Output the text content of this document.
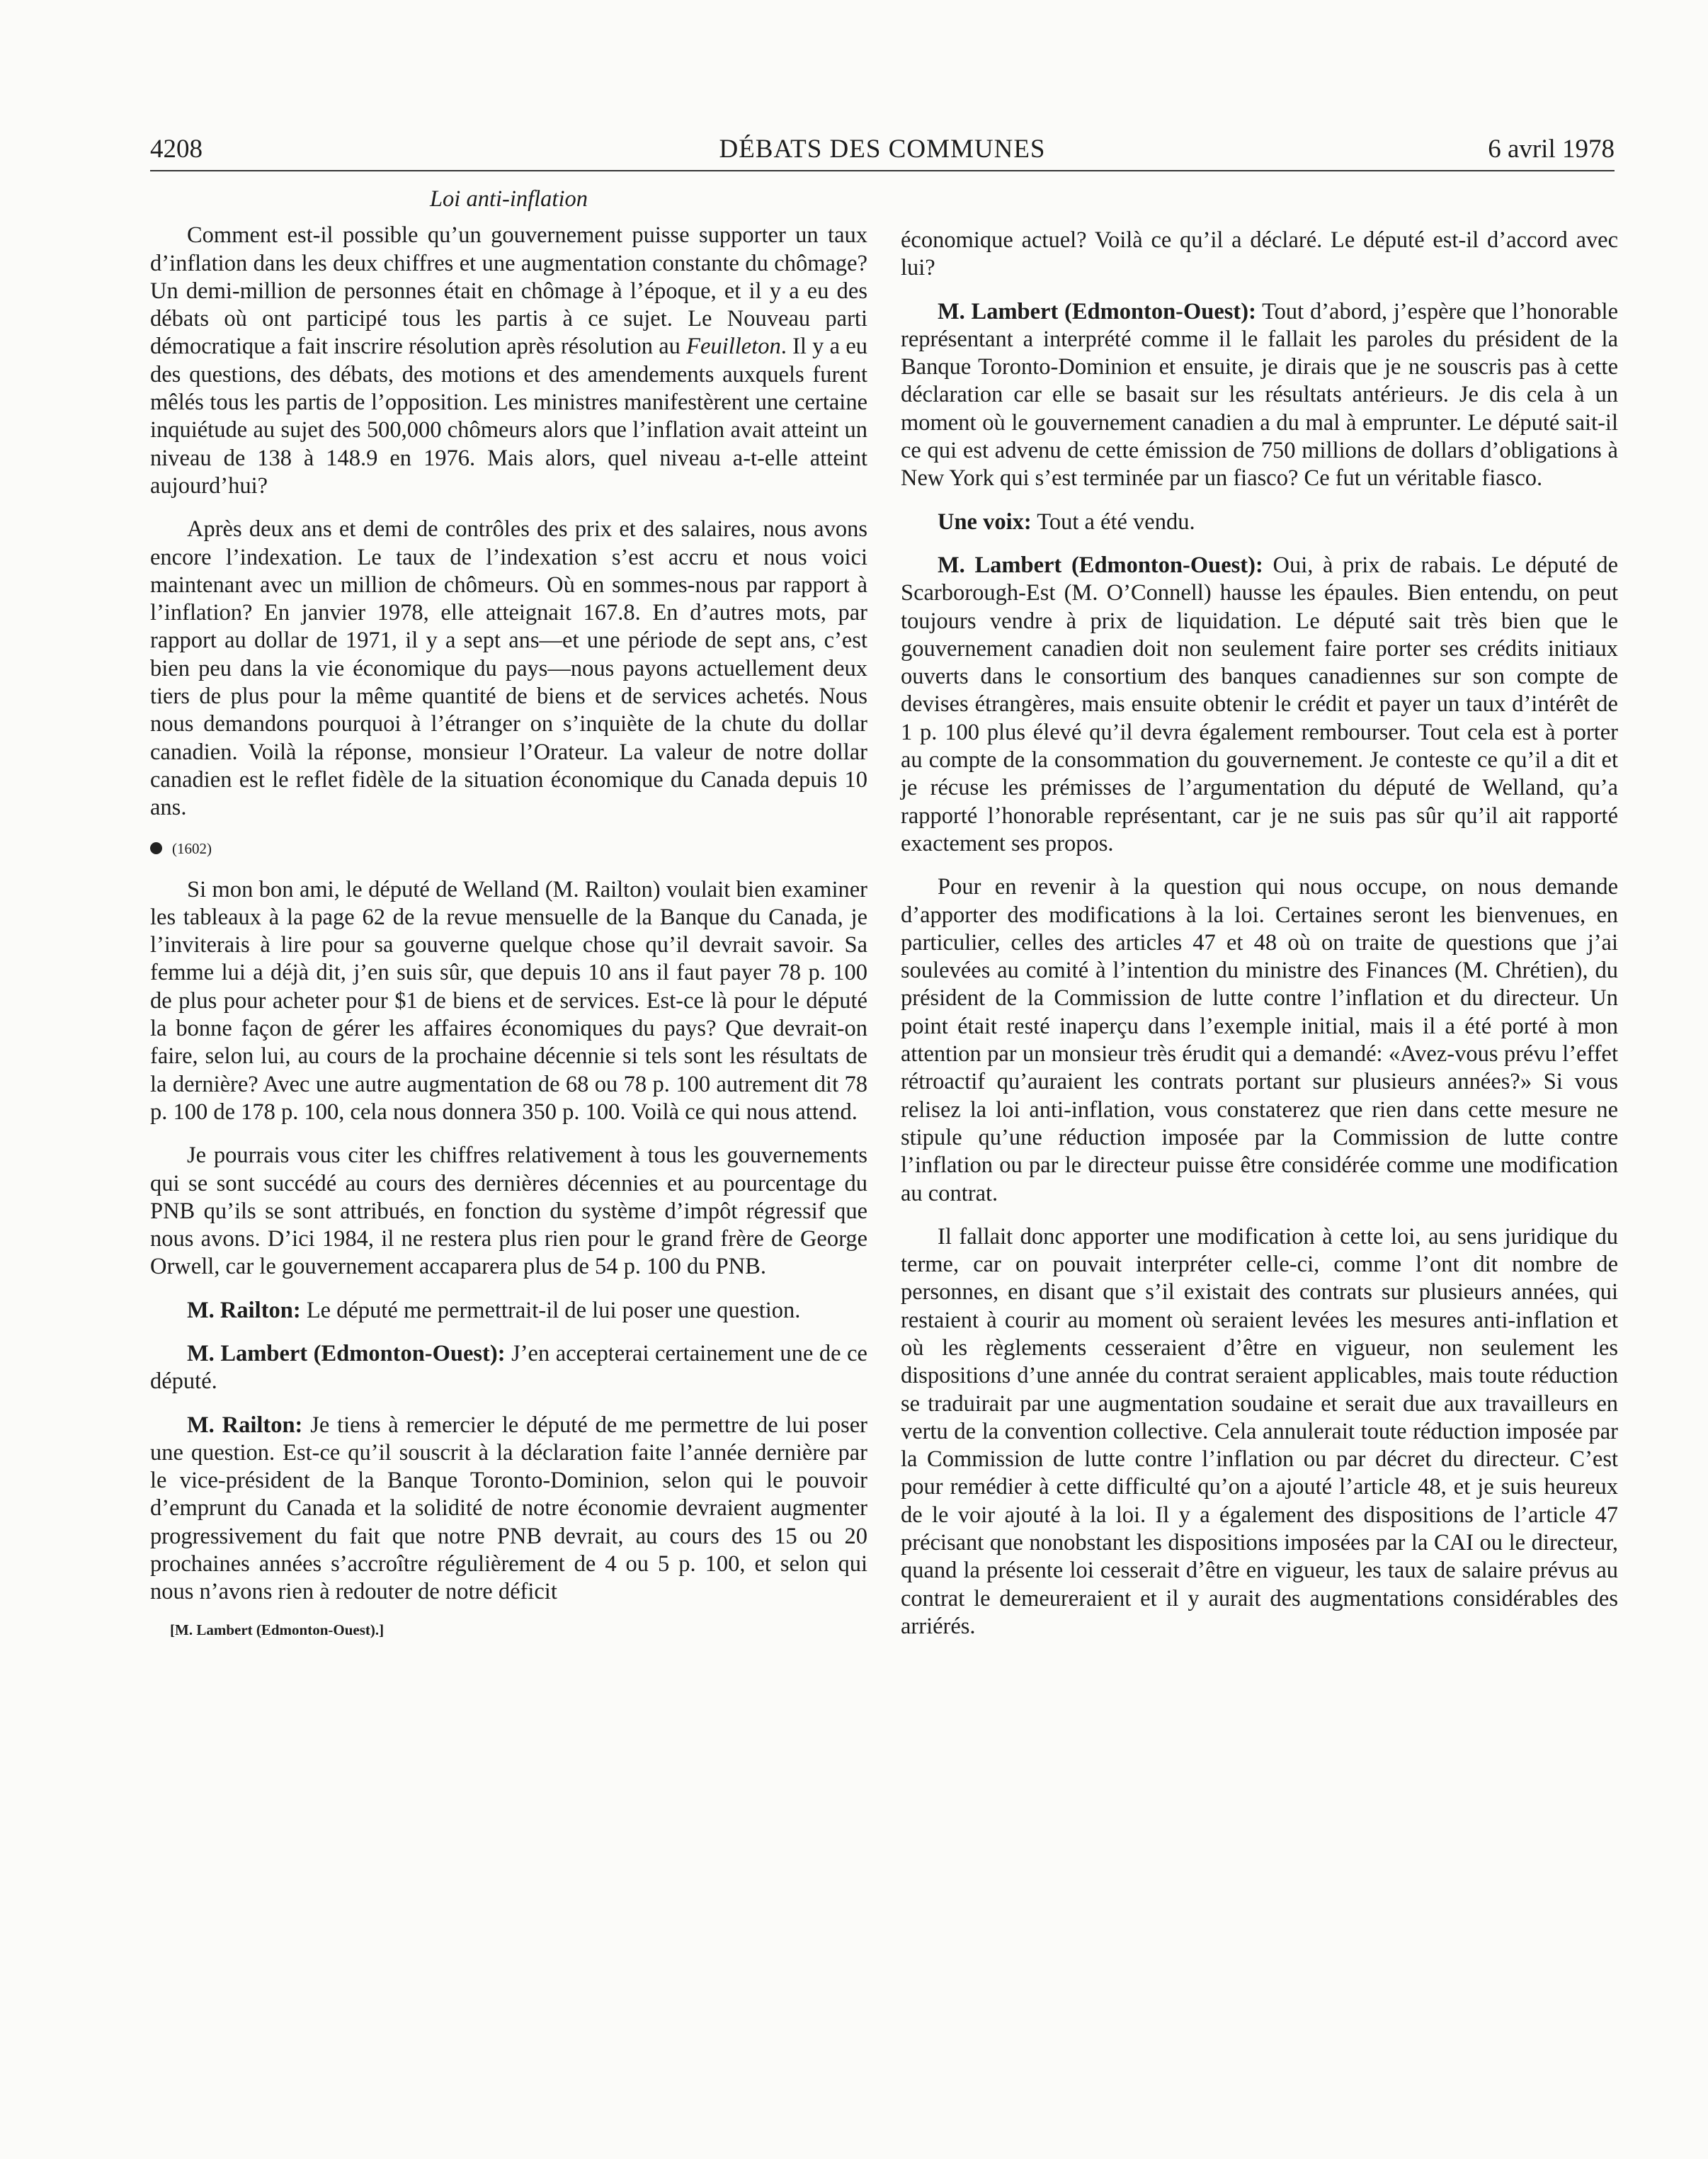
4208	DÉBATS DES COMMUNES	6 avril 1978
Loi anti-inflation

Comment est-il possible qu’un gouvernement puisse supporter un taux d’inflation dans les deux chiffres et une augmentation constante du chômage? Un demi-million de personnes était en chômage à l’époque, et il y a eu des débats où ont participé tous les partis à ce sujet. Le Nouveau parti démocratique a fait inscrire résolution après résolution au Feuilleton. Il y a eu des questions, des débats, des motions et des amendements auxquels furent mêlés tous les partis de l’opposition. Les ministres manifestèrent une certaine inquiétude au sujet des 500,000 chômeurs alors que l’inflation avait atteint un niveau de 138 à 148.9 en 1976. Mais alors, quel niveau a-t-elle atteint aujourd’hui?

Après deux ans et demi de contrôles des prix et des salaires, nous avons encore l’indexation. Le taux de l’indexation s’est accru et nous voici maintenant avec un million de chômeurs. Où en sommes-nous par rapport à l’inflation? En janvier 1978, elle atteignait 167.8. En d’autres mots, par rapport au dollar de 1971, il y a sept ans—et une période de sept ans, c’est bien peu dans la vie économique du pays—nous payons actuellement deux tiers de plus pour la même quantité de biens et de services achetés. Nous nous demandons pourquoi à l’étranger on s’inquiète de la chute du dollar canadien. Voilà la réponse, monsieur l’Orateur. La valeur de notre dollar canadien est le reflet fidèle de la situation économique du Canada depuis 10 ans.

(1602)

Si mon bon ami, le député de Welland (M. Railton) voulait bien examiner les tableaux à la page 62 de la revue mensuelle de la Banque du Canada, je l’inviterais à lire pour sa gouverne quelque chose qu’il devrait savoir. Sa femme lui a déjà dit, j’en suis sûr, que depuis 10 ans il faut payer 78 p. 100 de plus pour acheter pour $1 de biens et de services. Est-ce là pour le député la bonne façon de gérer les affaires économiques du pays? Que devrait-on faire, selon lui, au cours de la prochaine décennie si tels sont les résultats de la dernière? Avec une autre augmentation de 68 ou 78 p. 100 autrement dit 78 p. 100 de 178 p. 100, cela nous donnera 350 p. 100. Voilà ce qui nous attend.

Je pourrais vous citer les chiffres relativement à tous les gouvernements qui se sont succédé au cours des dernières décennies et au pourcentage du PNB qu’ils se sont attribués, en fonction du système d’impôt régressif que nous avons. D’ici 1984, il ne restera plus rien pour le grand frère de George Orwell, car le gouvernement accaparera plus de 54 p. 100 du PNB.

M. Railton: Le député me permettrait-il de lui poser une question.

M. Lambert (Edmonton-Ouest): J’en accepterai certainement une de ce député.

M. Railton: Je tiens à remercier le député de me permettre de lui poser une question. Est-ce qu’il souscrit à la déclaration faite l’année dernière par le vice-président de la Banque Toronto-Dominion, selon qui le pouvoir d’emprunt du Canada et la solidité de notre économie devraient augmenter progressivement du fait que notre PNB devrait, au cours des 15 ou 20 prochaines années s’accroître régulièrement de 4 ou 5 p. 100, et selon qui nous n’avons rien à redouter de notre déficit

[M. Lambert (Edmonton-Ouest).]

économique actuel? Voilà ce qu’il a déclaré. Le député est-il d’accord avec lui?

M. Lambert (Edmonton-Ouest): Tout d’abord, j’espère que l’honorable représentant a interprété comme il le fallait les paroles du président de la Banque Toronto-Dominion et ensuite, je dirais que je ne souscris pas à cette déclaration car elle se basait sur les résultats antérieurs. Je dis cela à un moment où le gouvernement canadien a du mal à emprunter. Le député sait-il ce qui est advenu de cette émission de 750 millions de dollars d’obligations à New York qui s’est terminée par un fiasco? Ce fut un véritable fiasco.

Une voix: Tout a été vendu.

M. Lambert (Edmonton-Ouest): Oui, à prix de rabais. Le député de Scarborough-Est (M. O’Connell) hausse les épaules. Bien entendu, on peut toujours vendre à prix de liquidation. Le député sait très bien que le gouvernement canadien doit non seulement faire porter ses crédits initiaux ouverts dans le consortium des banques canadiennes sur son compte de devises étrangères, mais ensuite obtenir le crédit et payer un taux d’intérêt de 1 p. 100 plus élevé qu’il devra également rembourser. Tout cela est à porter au compte de la consommation du gouvernement. Je conteste ce qu’il a dit et je récuse les prémisses de l’argumentation du député de Welland, qu’a rapporté l’honorable représentant, car je ne suis pas sûr qu’il ait rapporté exactement ses propos.

Pour en revenir à la question qui nous occupe, on nous demande d’apporter des modifications à la loi. Certaines seront les bienvenues, en particulier, celles des articles 47 et 48 où on traite de questions que j’ai soulevées au comité à l’intention du ministre des Finances (M. Chrétien), du président de la Commission de lutte contre l’inflation et du directeur. Un point était resté inaperçu dans l’exemple initial, mais il a été porté à mon attention par un monsieur très érudit qui a demandé: «Avez-vous prévu l’effet rétroactif qu’auraient les contrats portant sur plusieurs années?» Si vous relisez la loi anti-inflation, vous constaterez que rien dans cette mesure ne stipule qu’une réduction imposée par la Commission de lutte contre l’inflation ou par le directeur puisse être considérée comme une modification au contrat.

Il fallait donc apporter une modification à cette loi, au sens juridique du terme, car on pouvait interpréter celle-ci, comme l’ont dit nombre de personnes, en disant que s’il existait des contrats sur plusieurs années, qui restaient à courir au moment où seraient levées les mesures anti-inflation et où les règlements cesseraient d’être en vigueur, non seulement les dispositions d’une année du contrat seraient applicables, mais toute réduction se traduirait par une augmentation soudaine et serait due aux travailleurs en vertu de la convention collective. Cela annulerait toute réduction imposée par la Commission de lutte contre l’inflation ou par décret du directeur. C’est pour remédier à cette difficulté qu’on a ajouté l’article 48, et je suis heureux de le voir ajouté à la loi. Il y a également des dispositions de l’article 47 précisant que nonobstant les dispositions imposées par la CAI ou le directeur, quand la présente loi cesserait d’être en vigueur, les taux de salaire prévus au contrat le demeureraient et il y aurait des augmentations considérables des arriérés.
